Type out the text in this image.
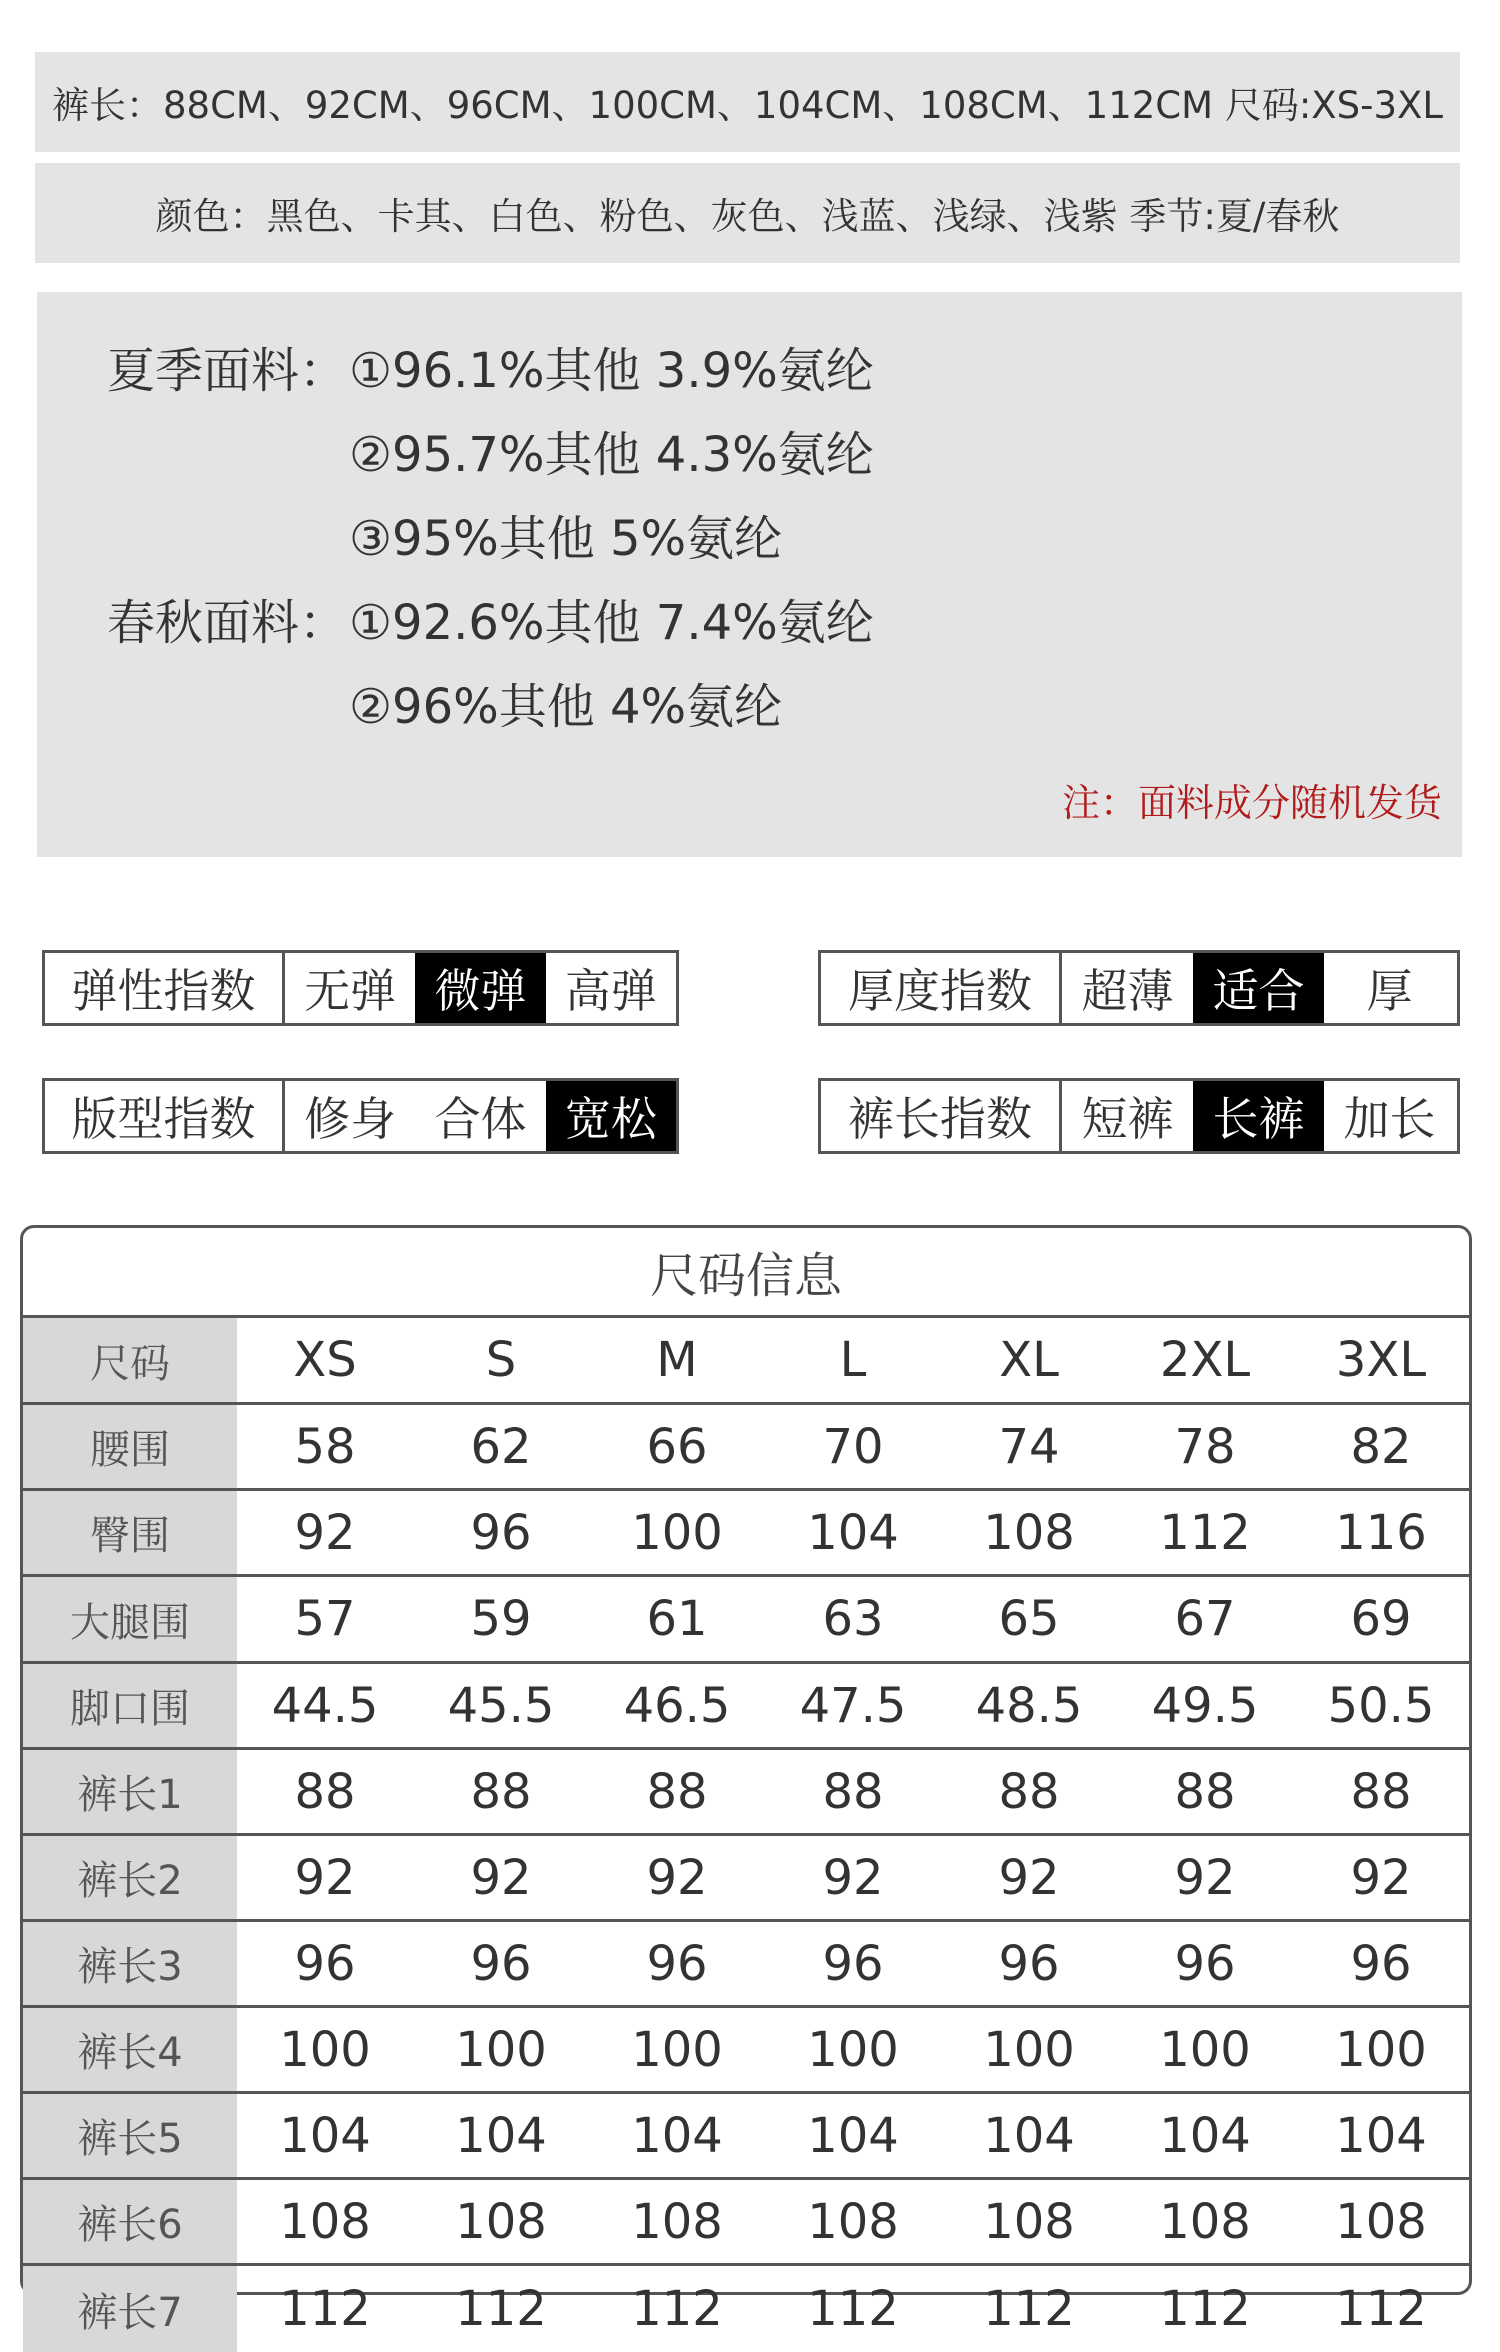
裤长：88CM、92CM、96CM、100CM、104CM、108CM、112CM 尺码:XS-3XL
颜色：黑色、卡其、白色、粉色、灰色、浅蓝、浅绿、浅紫 季节:夏/春秋
夏季面料： ①96.1%其他 3.9%氨纶
②95.7%其他 4.3%氨纶
③95%其他 5%氨纶
春秋面料： ①92.6%其他 7.4%氨纶
②96%其他 4%氨纶
注：面料成分随机发货
弹性指数	无弹 微弹 高弹	厚度指数	超薄 适合	厚
版型指数	修身 合体 宽松	裤长指数	短裤 长裤 加长
尺码信息
尺码	XS	S	M	L	XL	2XL	3XL
腰围	58	62	66	70	74	78	82
臀围	92	96	100	104	108	112	116
大腿围	57	59	61	63	65	67	69
脚口围	44.5	45.5	46.5	47.5	48.5	49.5	50.5
裤长1	88	88	88	88	88	88	88
裤长2	92	92	92	92	92	92	92
裤长3	96	96	96	96	96	96	96
裤长4	100	100	100	100	100	100	100
裤长5	104	104	104	104	104	104	104
裤长6	108	108	108	108	108	108	108
裤长7	112	112	112	112	112	112	112
